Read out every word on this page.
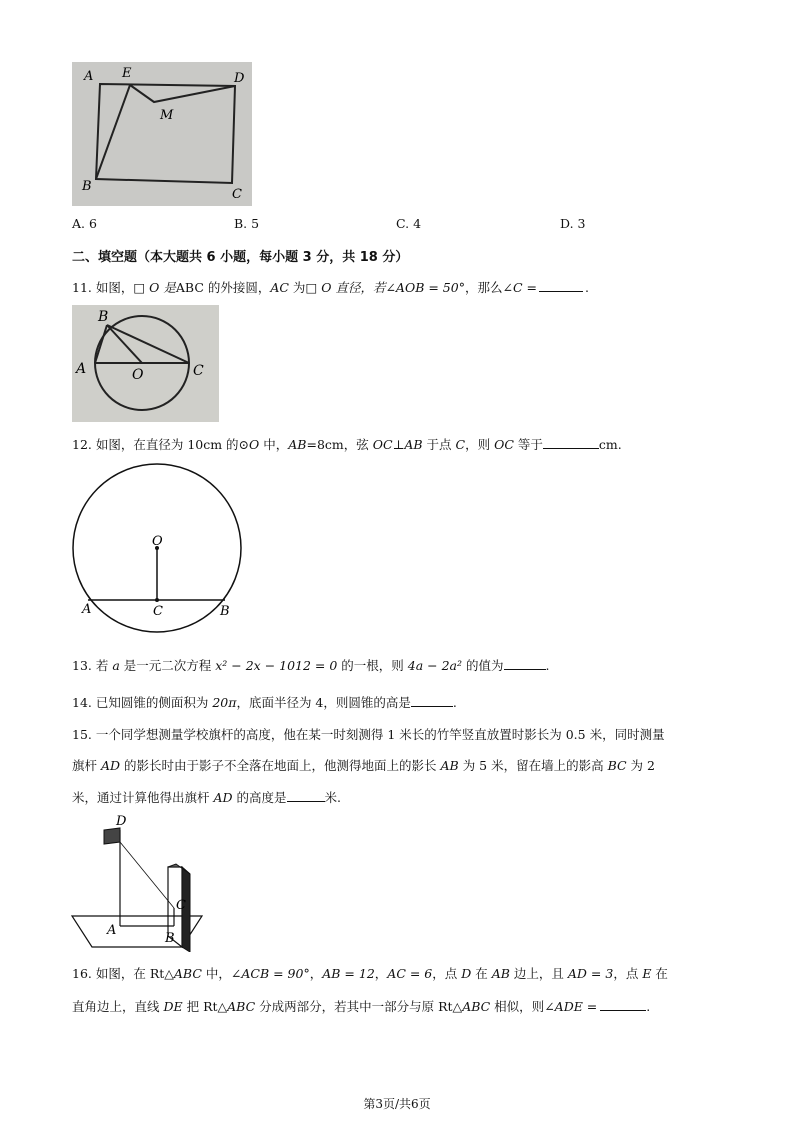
A E	D
M
B
C
A. 6	B. 5	C. 4	D. 3
二、填空题（本大题共 6 小题，每小题 3 分，共 18 分）
11. 如图，□ O 是ABC 的外接圆，AC 为□ O 直径，若∠AOB = 50°，那么∠C =	.
B
A	O	C
12. 如图，在直径为 10cm 的⊙O 中，AB=8cm，弦 OC⊥AB 于点 C，则 OC 等于	cm.
O
A	C	B
13. 若 a 是一元二次方程 x² − 2x − 1012 = 0 的一根，则 4a − 2a² 的值为	.
14. 已知圆锥的侧面积为 20π，底面半径为 4，则圆锥的高是	.
15. 一个同学想测量学校旗杆的高度，他在某一时刻测得 1 米长的竹竿竖直放置时影长为 0.5 米，同时测量
旗杆 AD 的影长时由于影子不全落在地面上，他测得地面上的影长 AB 为 5 米，留在墙上的影高 BC 为 2
米，通过计算他得出旗杆 AD 的高度是	米.
D
C
A
B
16. 如图，在 Rt△ABC 中，∠ACB = 90°，AB = 12，AC = 6，点 D 在 AB 边上，且 AD = 3，点 E 在
直角边上，直线 DE 把 Rt△ABC 分成两部分，若其中一部分与原 Rt△ABC 相似，则∠ADE =	.
第3页/共6页
